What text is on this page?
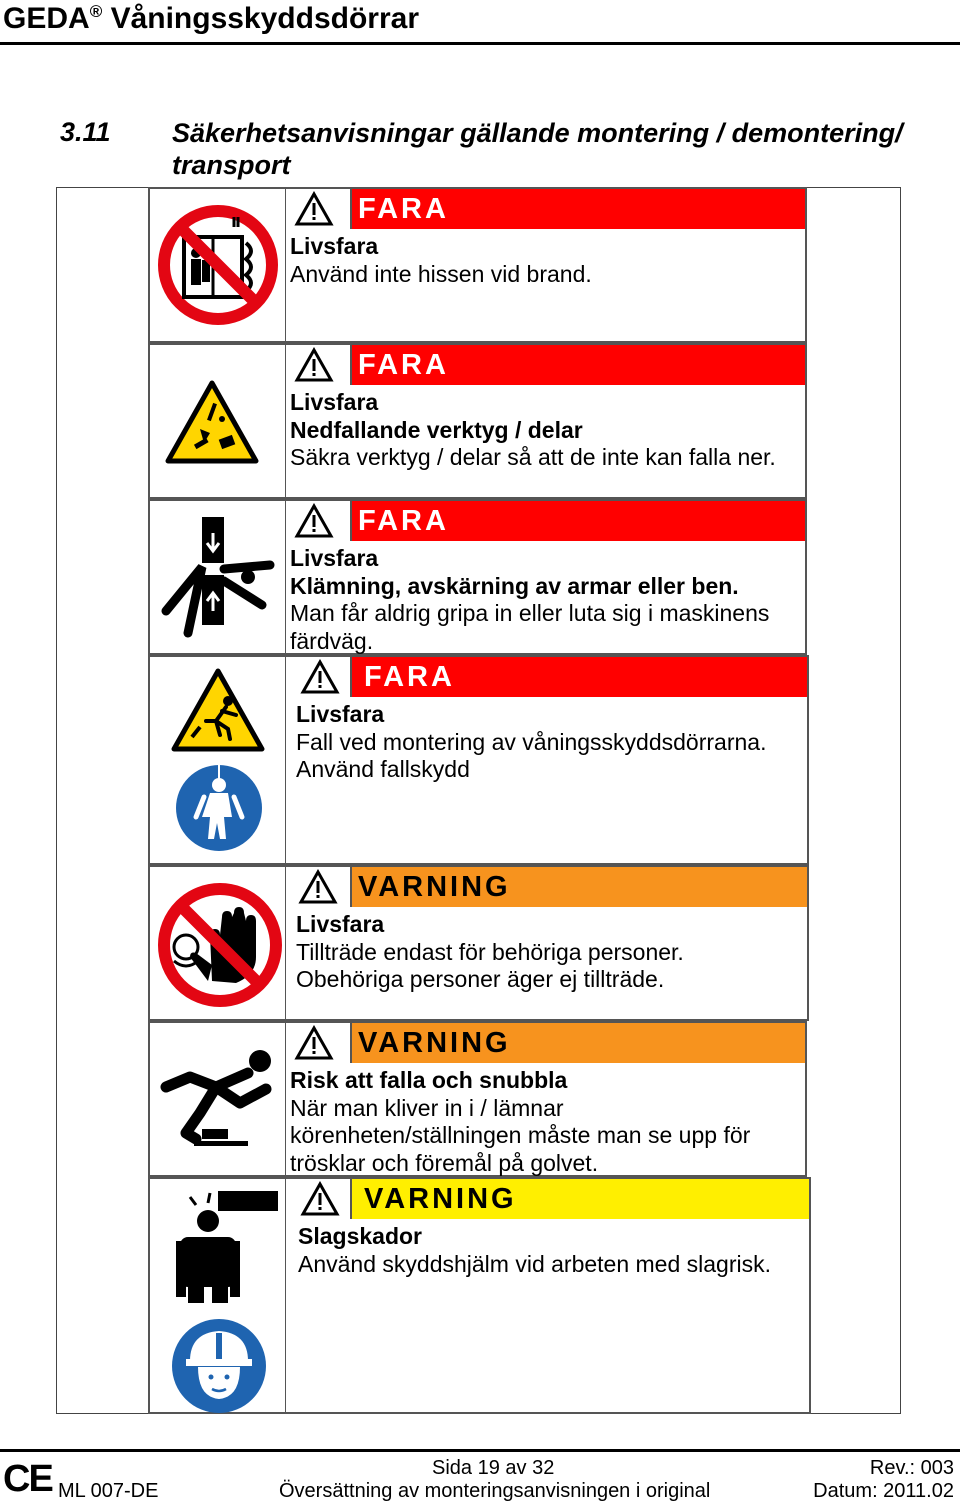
GEDA® Våningsskyddsdörrar
3.11 Säkerhetsanvisningar gällande montering / demontering/ transport
FARA
Livsfara
Använd inte hissen vid brand.
FARA
Livsfara
Nedfallande verktyg / delar
Säkra verktyg / delar så att de inte kan falla ner.
FARA
Livsfara
Klämning, avskärning av armar eller ben.
Man får aldrig gripa in eller luta sig i maskinens
färdväg.
FARA
Livsfara
Fall ved montering av våningsskyddsdörrarna.
Använd fallskydd
VARNING
Livsfara
Tillträde endast för behöriga personer.
Obehöriga personer äger ej tillträde.
VARNING
Risk att falla och snubbla
När man kliver in i / lämnar
körenheten/ställningen måste man se upp för
trösklar och föremål på golvet.
VARNING
Slagskador
Använd skyddshjälm vid arbeten med slagrisk.
CE ML 007-DE
Sida 19 av 32
Översättning av monteringsanvisningen i original
Rev.: 003
Datum: 2011.02
